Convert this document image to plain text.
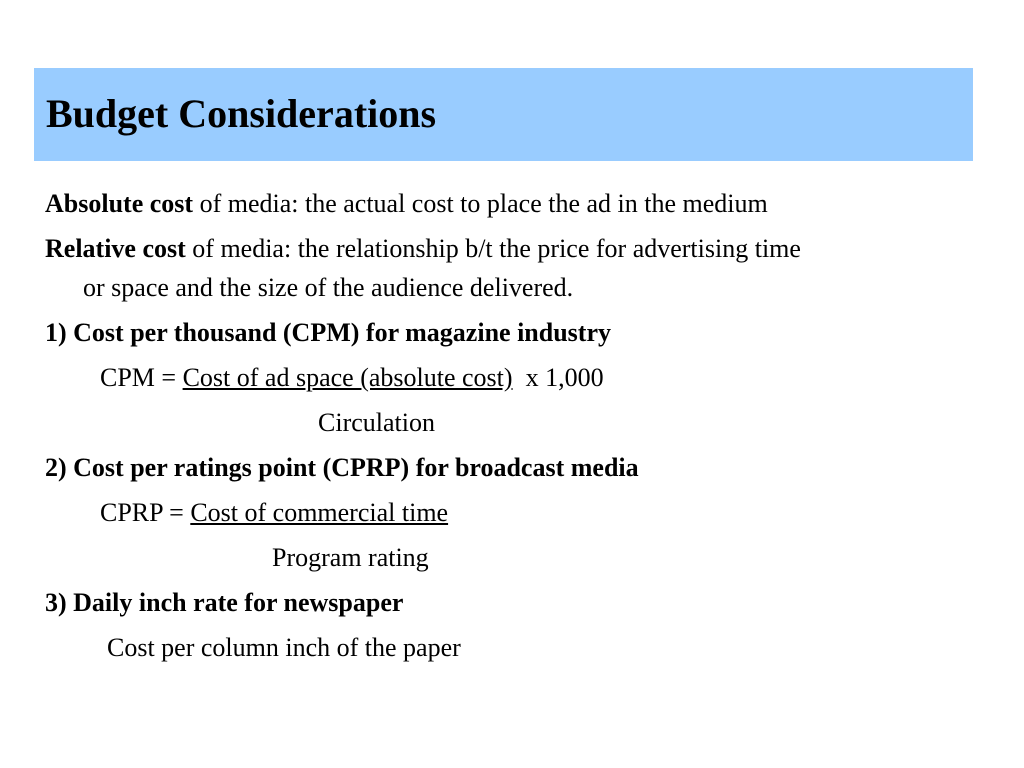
Budget Considerations
Absolute cost of media: the actual cost to place the ad in the medium
Relative cost of media: the relationship b/t the price for advertising time
or space and the size of the audience delivered.
1) Cost per thousand (CPM) for magazine industry
CPM = Cost of ad space (absolute cost)  x 1,000
Circulation
2) Cost per ratings point (CPRP) for broadcast media
CPRP = Cost of commercial time
Program rating
3) Daily inch rate for newspaper
Cost per column inch of the paper
